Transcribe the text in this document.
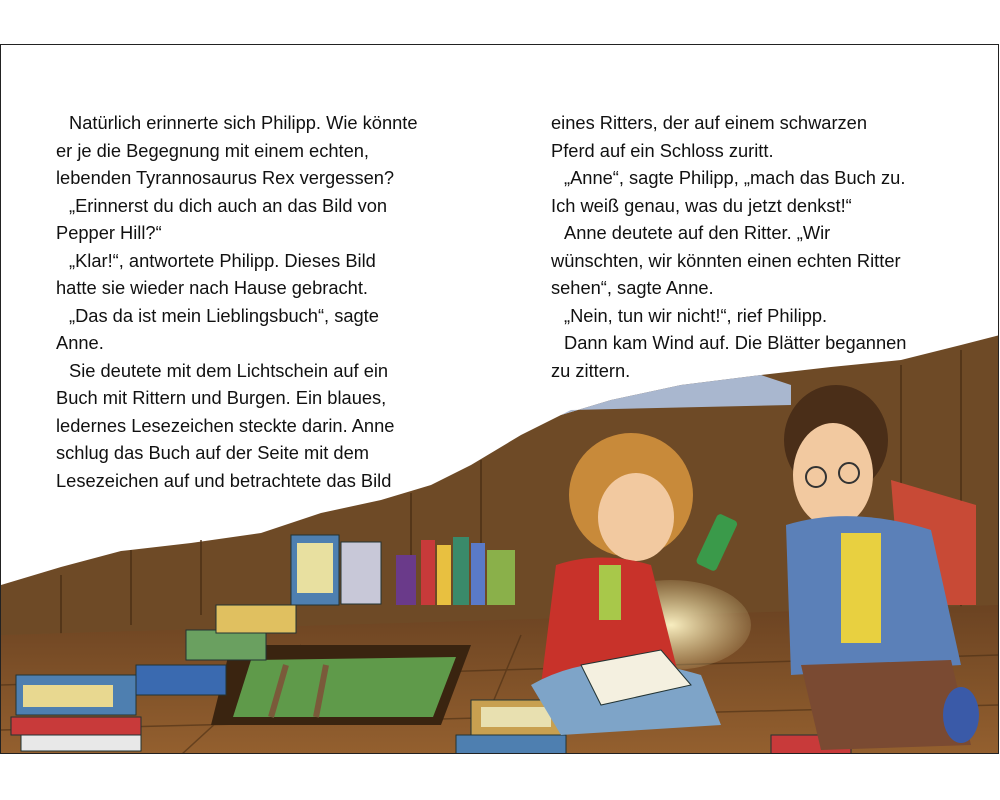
Natürlich erinnerte sich Philipp. Wie könnte

er je die Begegnung mit einem echten,

lebenden Tyrannosaurus Rex vergessen?

„Erinnerst du dich auch an das Bild von

Pepper Hill?“

„Klar!“, antwortete Philipp. Dieses Bild

hatte sie wieder nach Hause gebracht.

„Das da ist mein Lieblingsbuch“, sagte

Anne.

Sie deutete mit dem Lichtschein auf ein

Buch mit Rittern und Burgen. Ein blaues,

ledernes Lesezeichen steckte darin. Anne

schlug das Buch auf der Seite mit dem

Lesezeichen auf und betrachtete das Bild

eines Ritters, der auf einem schwarzen

Pferd auf ein Schloss zuritt.

„Anne“, sagte Philipp, „mach das Buch zu.

Ich weiß genau, was du jetzt denkst!“

Anne deutete auf den Ritter. „Wir

wünschten, wir könnten einen echten Ritter

sehen“, sagte Anne.

„Nein, tun wir nicht!“, rief Philipp.

Dann kam Wind auf. Die Blätter begannen

zu zittern.
